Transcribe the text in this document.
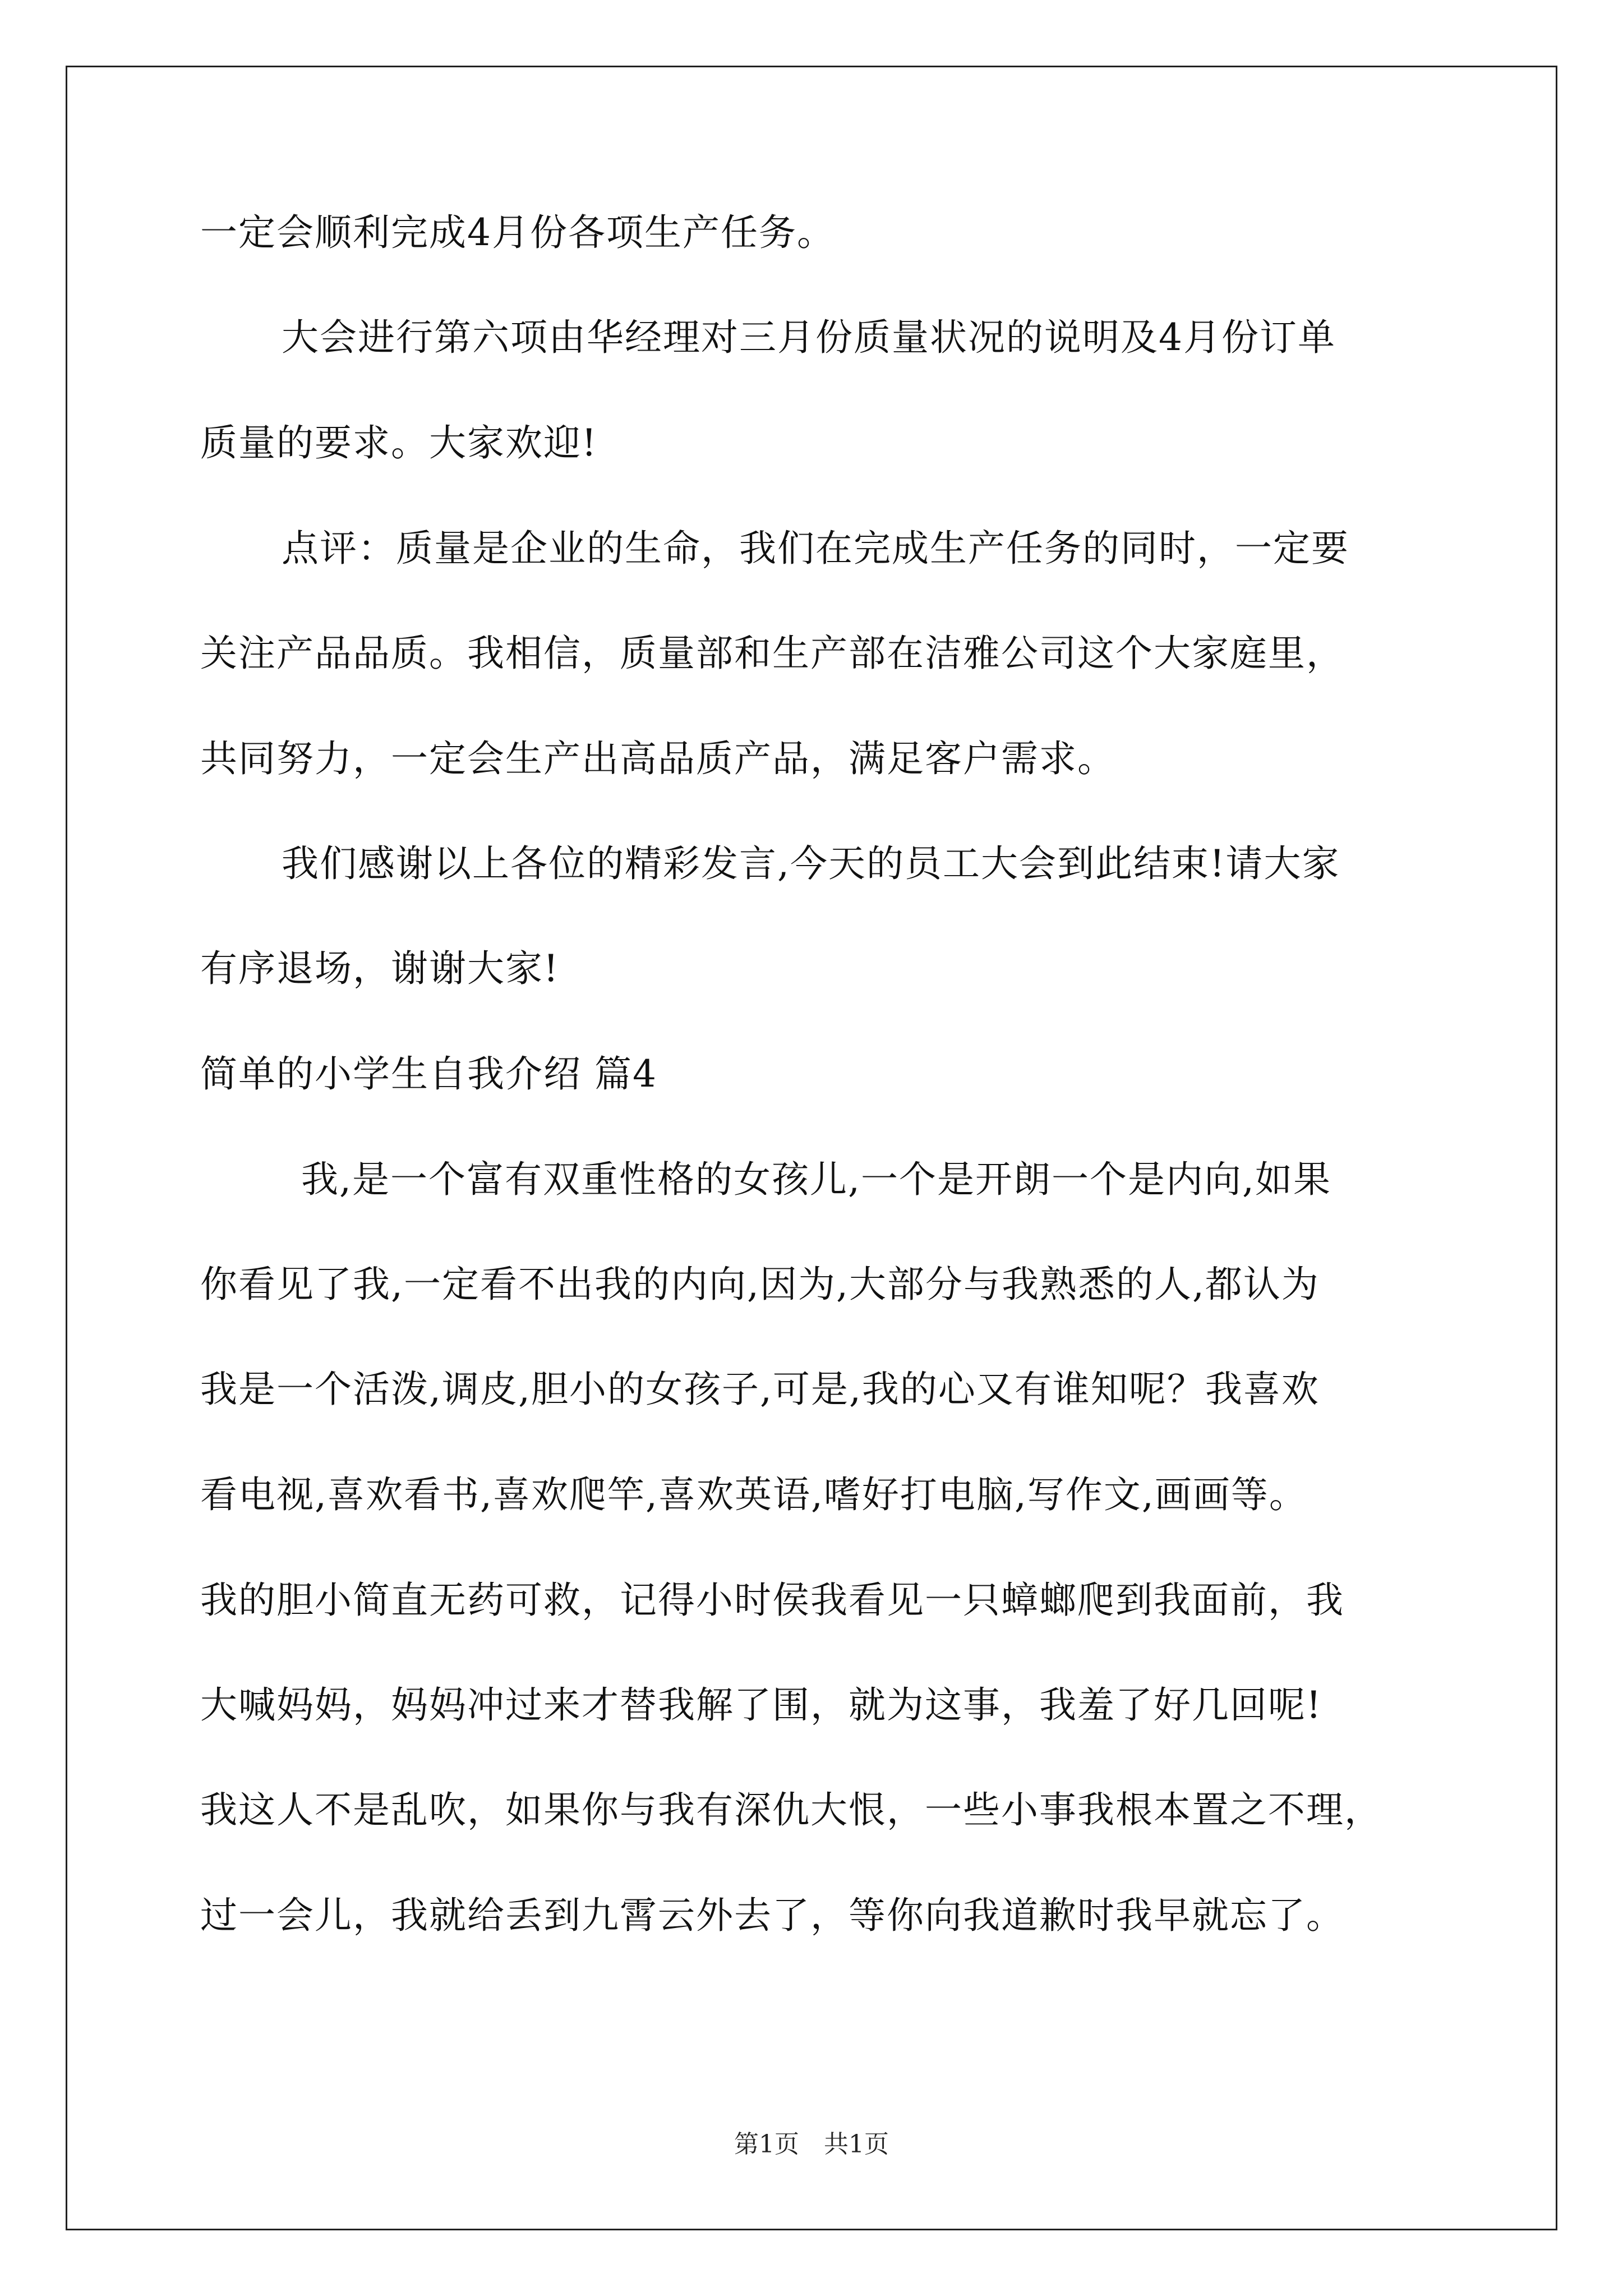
一定会顺利完成4月份各项生产任务。
大会进行第六项由华经理对三月份质量状况的说明及4月份订单
质量的要求。大家欢迎!
点评：质量是企业的生命，我们在完成生产任务的同时，一定要
关注产品品质。我相信，质量部和生产部在洁雅公司这个大家庭里，
共同努力，一定会生产出高品质产品，满足客户需求。
我们感谢以上各位的精彩发言,今天的员工大会到此结束!请大家
有序退场，谢谢大家!
简单的小学生自我介绍 篇4
我,是一个富有双重性格的女孩儿,一个是开朗一个是内向,如果
你看见了我,一定看不出我的内向,因为,大部分与我熟悉的人,都认为
我是一个活泼,调皮,胆小的女孩子,可是,我的心又有谁知呢？我喜欢
看电视,喜欢看书,喜欢爬竿,喜欢英语,嗜好打电脑,写作文,画画等。
我的胆小简直无药可救，记得小时侯我看见一只蟑螂爬到我面前，我
大喊妈妈，妈妈冲过来才替我解了围，就为这事，我羞了好几回呢!
我这人不是乱吹，如果你与我有深仇大恨，一些小事我根本置之不理，
过一会儿，我就给丢到九霄云外去了，等你向我道歉时我早就忘了。
第1页　共1页
